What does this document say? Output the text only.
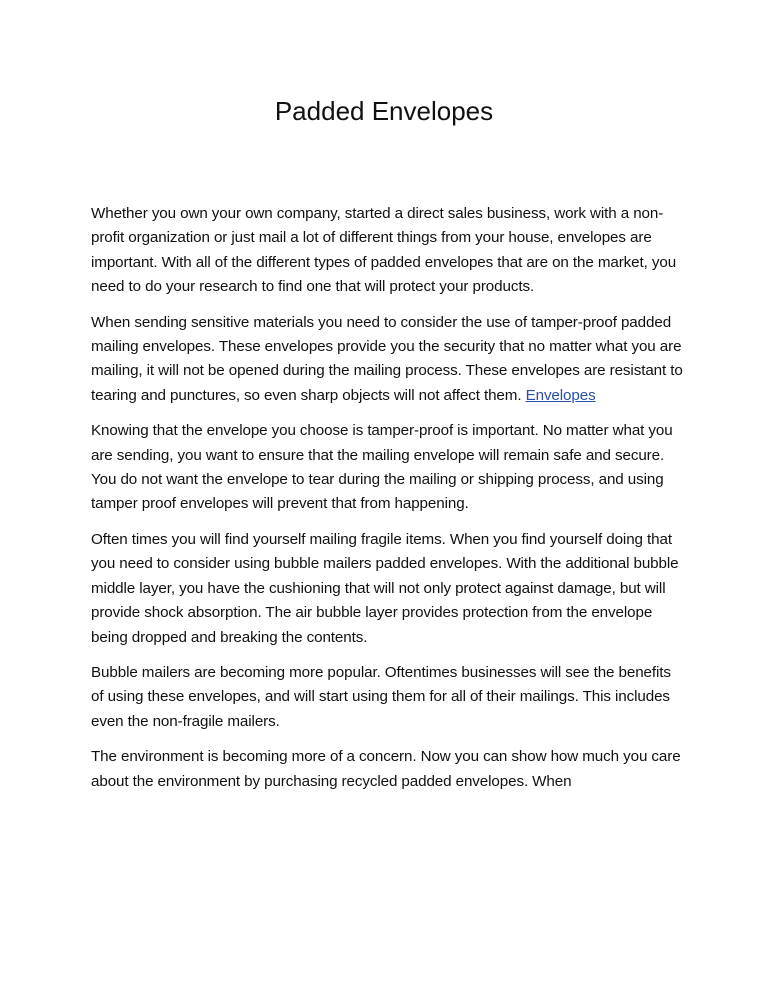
Padded Envelopes

Whether you own your own company, started a direct sales business, work with a non-profit organization or just mail a lot of different things from your house, envelopes are important. With all of the different types of padded envelopes that are on the market, you need to do your research to find one that will protect your products.

When sending sensitive materials you need to consider the use of tamper-proof padded mailing envelopes. These envelopes provide you the security that no matter what you are mailing, it will not be opened during the mailing process. These envelopes are resistant to tearing and punctures, so even sharp objects will not affect them. Envelopes

Knowing that the envelope you choose is tamper-proof is important. No matter what you are sending, you want to ensure that the mailing envelope will remain safe and secure. You do not want the envelope to tear during the mailing or shipping process, and using tamper proof envelopes will prevent that from happening.

Often times you will find yourself mailing fragile items. When you find yourself doing that you need to consider using bubble mailers padded envelopes. With the additional bubble middle layer, you have the cushioning that will not only protect against damage, but will provide shock absorption. The air bubble layer provides protection from the envelope being dropped and breaking the contents.

Bubble mailers are becoming more popular. Oftentimes businesses will see the benefits of using these envelopes, and will start using them for all of their mailings. This includes even the non-fragile mailers.

The environment is becoming more of a concern. Now you can show how much you care about the environment by purchasing recycled padded envelopes. When
